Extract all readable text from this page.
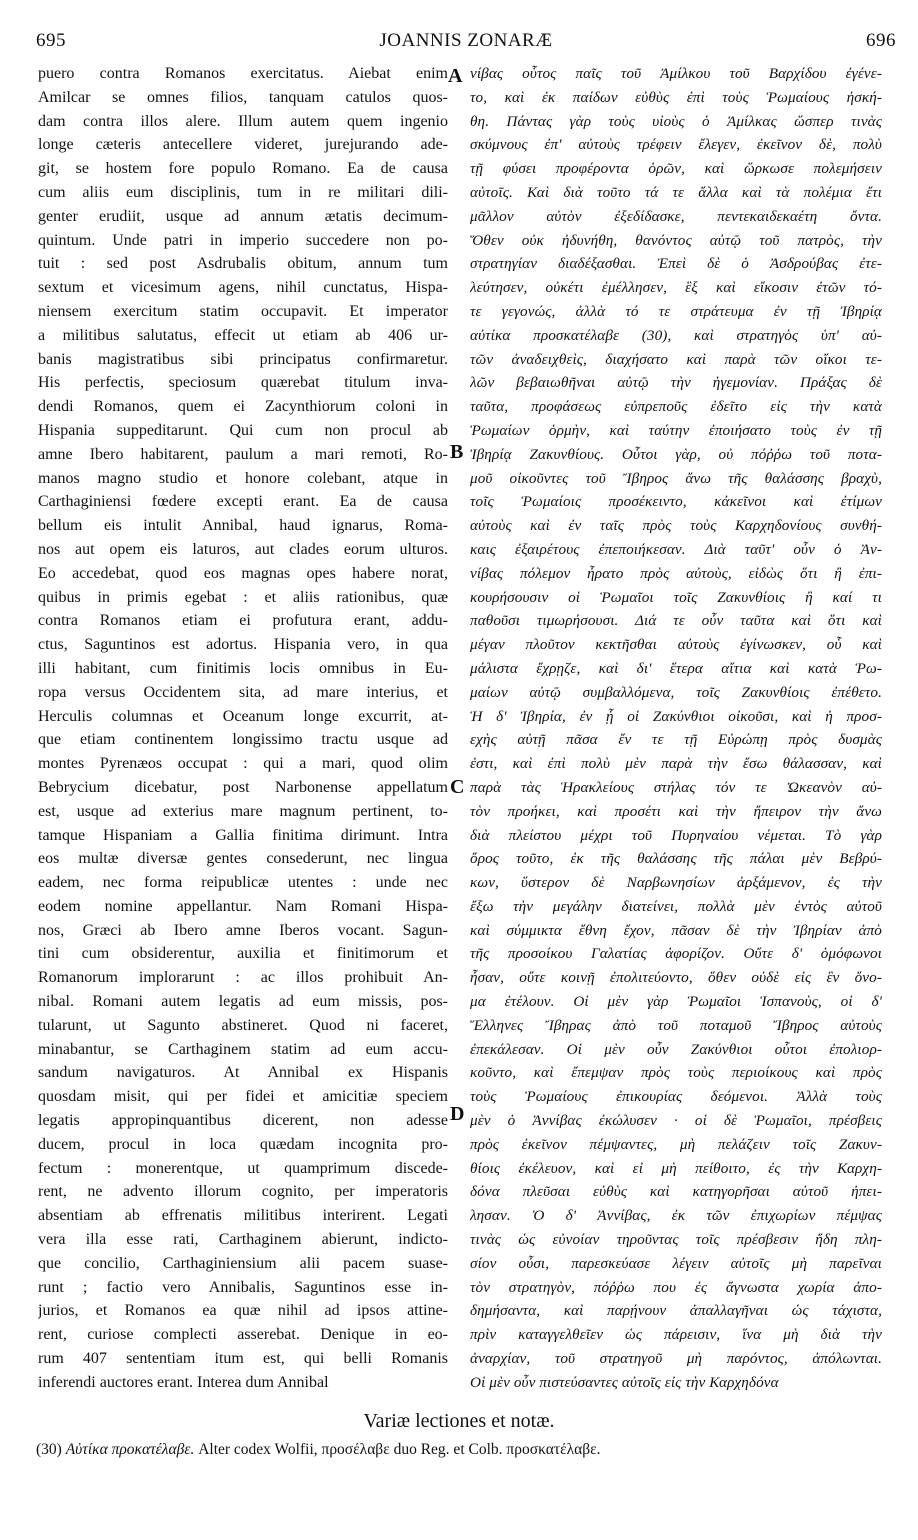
695	JOANNIS ZONARÆ	696
puero contra Romanos exercitatus. Aiebat enim
Amilcar se omnes filios, tanquam catulos quos-
dam contra illos alere. Illum autem quem ingenio
longe cæteris antecellere videret, jurejurando ade-
git, se hostem fore populo Romano. Ea de causa
cum aliis eum disciplinis, tum in re militari dili-
genter erudiit, usque ad annum ætatis decimum-
quintum. Unde patri in imperio succedere non po-
tuit : sed post Asdrubalis obitum, annum tum
sextum et vicesimum agens, nihil cunctatus, Hispa-
niensem exercitum statim occupavit. Et imperator
a militibus salutatus, effecit ut etiam ab 406 ur-
banis magistratibus sibi principatus confirmaretur.
His perfectis, speciosum quærebat titulum inva-
dendi Romanos, quem ei Zacynthiorum coloni in
Hispania suppeditarunt. Qui cum non procul ab
amne Ibero habitarent, paulum a mari remoti, Ro-
manos magno studio et honore colebant, atque in
Carthaginiensi fœdere excepti erant. Ea de causa
bellum eis intulit Annibal, haud ignarus, Roma-
nos aut opem eis laturos, aut clades eorum ulturos.
Eo accedebat, quod eos magnas opes habere norat,
quibus in primis egebat : et aliis rationibus, quæ
contra Romanos etiam ei profutura erant, addu-
ctus, Saguntinos est adortus. Hispania vero, in qua
illi habitant, cum finitimis locis omnibus in Eu-
ropa versus Occidentem sita, ad mare interius, et
Herculis columnas et Oceanum longe excurrit, at-
que etiam continentem longissimo tractu usque ad
montes Pyrenæos occupat : qui a mari, quod olim
Bebrycium dicebatur, post Narbonense appellatum
est, usque ad exterius mare magnum pertinent, to-
tamque Hispaniam a Gallia finitima dirimunt. Intra
eos multæ diversæ gentes consederunt, nec lingua
eadem, nec forma reipublicæ utentes : unde nec
eodem nomine appellantur. Nam Romani Hispa-
nos, Græci ab Ibero amne Iberos vocant. Sagun-
tini cum obsiderentur, auxilia et finitimorum et
Romanorum implorarunt : ac illos prohibuit An-
nibal. Romani autem legatis ad eum missis, pos-
tularunt, ut Sagunto abstineret. Quod ni faceret,
minabantur, se Carthaginem statim ad eum accu-
sandum navigaturos. At Annibal ex Hispanis
quosdam misit, qui per fidei et amicitiæ speciem
legatis appropinquantibus dicerent, non adesse
ducem, procul in loca quædam incognita pro-
fectum : monerentque, ut quamprimum discede-
rent, ne advento illorum cognito, per imperatoris
absentiam ab effrenatis militibus interirent. Legati
vera illa esse rati, Carthaginem abierunt, indicto-
que concilio, Carthaginiensium alii pacem suase-
runt ; factio vero Annibalis, Saguntinos esse in-
jurios, et Romanos ea quæ nihil ad ipsos attine-
rent, curiose complecti asserebat. Denique in eo-
rum 407 sententiam itum est, qui belli Romanis
inferendi auctores erant. Interea dum Annibal
νίβας οὗτος παῖς τοῦ Ἀμίλκου τοῦ Βαρχίδου ἐγένε-
το, καὶ ἐκ παίδων εὐθὺς ἐπὶ τοὺς Ῥωμαίους ἠσκή-
θη. Πάντας γὰρ τοὺς υἱοὺς ὁ Ἀμίλκας ὥσπερ τινὰς
σκύμνους ἐπ' αὐτοὺς τρέφειν ἔλεγεν, ἐκεῖνον δὲ, πολὺ
τῇ φύσει προφέροντα ὁρῶν, καὶ ὥρκωσε πολεμήσειν
αὐτοῖς. Καὶ διὰ τοῦτο τά τε ἄλλα καὶ τὰ πολέμια ἔτι
μᾶλλον αὐτὸν ἐξεδίδασκε, πεντεκαιδεκαέτη ὄντα.
Ὅθεν οὐκ ἠδυνήθη, θανόντος αὐτῷ τοῦ πατρὸς, τὴν
στρατηγίαν διαδέξασθαι. Ἐπεὶ δὲ ὁ Ἀσδρούβας ἐτε-
λεύτησεν, οὐκέτι ἐμέλλησεν, ἓξ καὶ εἴκοσιν ἐτῶν τό-
τε γεγονώς, ἀλλὰ τό τε στράτευμα ἐν τῇ Ἰβηρίᾳ
αὐτίκα προσκατέλαβε (30), καὶ στρατηγὸς ὑπ' αὐ-
τῶν ἀναδειχθεὶς, διαχήσατο καὶ παρὰ τῶν οἴκοι τε-
λῶν βεβαιωθῆναι αὐτῷ τὴν ἡγεμονίαν. Πράξας δὲ
ταῦτα, προφάσεως εὐπρεποῦς ἐδεῖτο εἰς τὴν κατὰ
Ῥωμαίων ὁρμὴν, καὶ ταύτην ἐποιήσατο τοὺς ἐν τῇ
Ἰβηρίᾳ Ζακυνθίους. Οὗτοι γὰρ, οὐ πόῤῥω τοῦ ποτα-
μοῦ οἰκοῦντες τοῦ Ἴβηρος ἄνω τῆς θαλάσσης βραχὺ,
τοῖς Ῥωμαίοις προσέκειντο, κἀκεῖνοι καὶ ἐτίμων
αὐτοὺς καὶ ἐν ταῖς πρὸς τοὺς Καρχηδονίους συνθή-
καις ἐξαιρέτους ἐπεποιήκεσαν. Διὰ ταῦτ' οὖν ὁ Ἀν-
νίβας πόλεμον ἦρατο πρὸς αὐτοὺς, εἰδὼς ὅτι ἢ ἐπι-
κουρήσουσιν οἱ Ῥωμαῖοι τοῖς Ζακυνθίοις ἢ καί τι
παθοῦσι τιμωρήσουσι. Διά τε οὖν ταῦτα καὶ ὅτι καὶ
μέγαν πλοῦτον κεκτῆσθαι αὐτοὺς ἐγίνωσκεν, οὗ καὶ
μάλιστα ἔχρῃζε, καὶ δι' ἕτερα αἴτια καὶ κατὰ Ῥω-
μαίων αὐτῷ συμβαλλόμενα, τοῖς Ζακυνθίοις ἐπέθετο.
Ἡ δ' Ἰβηρία, ἐν ᾗ οἱ Ζακύνθιοι οἰκοῦσι, καὶ ἡ προσ-
εχὴς αὐτῇ πᾶσα ἔν τε τῇ Εὐρώπῃ πρὸς δυσμὰς
ἐστι, καὶ ἐπὶ πολὺ μὲν παρὰ τὴν ἔσω θάλασσαν, καὶ
παρὰ τὰς Ἡρακλείους στήλας τόν τε Ὠκεανὸν αὐ-
τὸν προήκει, καὶ προσέτι καὶ τὴν ἤπειρον τὴν ἄνω
διὰ πλείστου μέχρι τοῦ Πυρηναίου νέμεται. Τὸ γὰρ
ὄρος τοῦτο, ἐκ τῆς θαλάσσης τῆς πάλαι μὲν Βεβρύ-
κων, ὕστερον δὲ Ναρβωνησίων ἀρξάμενον, ἐς τὴν
ἔξω τὴν μεγάλην διατείνει, πολλὰ μὲν ἐντὸς αὐτοῦ
καὶ σύμμικτα ἔθνη ἔχον, πᾶσαν δὲ τὴν Ἰβηρίαν ἀπὸ
τῆς προσοίκου Γαλατίας ἀφορίζον. Οὔτε δ' ὁμόφωνοι
ἦσαν, οὔτε κοινῇ ἐπολιτεύοντο, ὅθεν οὐδὲ εἰς ἓν ὄνο-
μα ἐτέλουν. Οἱ μὲν γὰρ Ῥωμαῖοι Ἱσπανοὺς, οἱ δ'
Ἕλληνες Ἴβηρας ἀπὸ τοῦ ποταμοῦ Ἴβηρος αὐτοὺς
ἐπεκάλεσαν. Οἱ μὲν οὖν Ζακύνθιοι οὗτοι ἐπολιορ-
κοῦντο, καὶ ἔπεμψαν πρὸς τοὺς περιοίκους καὶ πρὸς
τοὺς Ῥωμαίους ἐπικουρίας δεόμενοι. Ἀλλὰ τοὺς
μὲν ὁ Ἀννίβας ἐκώλυσεν · οἱ δὲ Ῥωμαῖοι, πρέσβεις
πρὸς ἐκεῖνον πέμψαντες, μὴ πελάζειν τοῖς Ζακυν-
θίοις ἐκέλευον, καὶ εἰ μὴ πείθοιτο, ἐς τὴν Καρχη-
δόνα πλεῦσαι εὐθὺς καὶ κατηγορῆσαι αὐτοῦ ἠπει-
λησαν. Ὁ δ' Ἀννίβας, ἐκ τῶν ἐπιχωρίων πέμψας
τινὰς ὡς εὐνοίαν τηροῦντας τοῖς πρέσβεσιν ἤδη πλη-
σίον οὖσι, παρεσκεύασε λέγειν αὐτοῖς μὴ παρεῖναι
τὸν στρατηγὸν, πόῤῥω που ἐς ἄγνωστα χωρία ἀπο-
δημήσαντα, καὶ παρῄνουν ἀπαλλαγῆναι ὡς τάχιστα,
πρὶν καταγγελθεῖεν ὡς πάρεισιν, ἵνα μὴ διὰ τὴν
ἀναρχίαν, τοῦ στρατηγοῦ μὴ παρόντος, ἀπόλωνται.
Οἱ μὲν οὖν πιστεύσαντες αὐτοῖς εἰς τὴν Καρχηδόνα
A
B
C
D
Variæ lectiones et notæ.
(30) Αὐτίκα προκατέλαβε. Alter codex Wolfii, προσέλαβε duo Reg. et Colb. προσκατέλαβε.
